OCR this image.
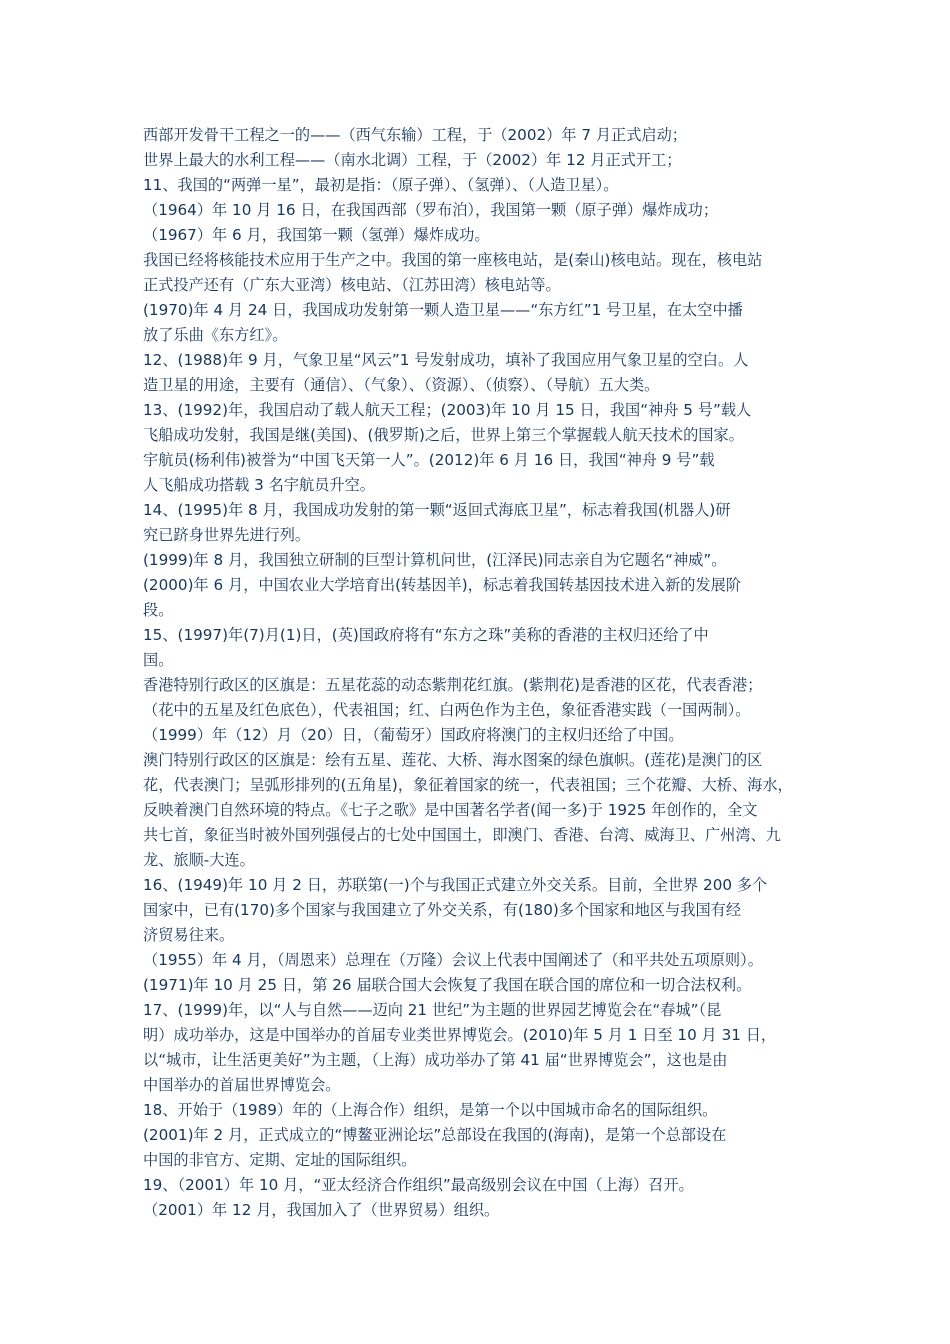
西部开发骨干工程之一的——（西气东输）工程，于（2002）年 7 月正式启动；
世界上最大的水利工程——（南水北调）工程，于（2002）年 12 月正式开工；
11、我国的“两弹一星”，最初是指：（原子弹）、（氢弹）、（人造卫星）。
（1964）年 10 月 16 日，在我国西部（罗布泊），我国第一颗（原子弹）爆炸成功；
（1967）年 6 月，我国第一颗（氢弹）爆炸成功。
我国已经将核能技术应用于生产之中。我国的第一座核电站，是(秦山)核电站。现在，核电站
正式投产还有（广东大亚湾）核电站、（江苏田湾）核电站等。
(1970)年 4 月 24 日，我国成功发射第一颗人造卫星——“东方红”1 号卫星，在太空中播
放了乐曲《东方红》。
12、(1988)年 9 月，气象卫星“风云”1 号发射成功，填补了我国应用气象卫星的空白。人
造卫星的用途，主要有（通信）、（气象）、（资源）、（侦察）、（导航）五大类。
13、(1992)年，我国启动了载人航天工程；(2003)年 10 月 15 日，我国“神舟 5 号”载人
飞船成功发射，我国是继(美国)、(俄罗斯)之后，世界上第三个掌握载人航天技术的国家。
宇航员(杨利伟)被誉为“中国飞天第一人”。(2012)年 6 月 16 日，我国“神舟 9 号”载
人飞船成功搭载 3 名宇航员升空。
14、(1995)年 8 月，我国成功发射的第一颗“返回式海底卫星”，标志着我国(机器人)研
究已跻身世界先进行列。
(1999)年 8 月，我国独立研制的巨型计算机问世，(江泽民)同志亲自为它题名“神威”。
(2000)年 6 月，中国农业大学培育出(转基因羊)，标志着我国转基因技术进入新的发展阶
段。
15、(1997)年(7)月(1)日，(英)国政府将有“东方之珠”美称的香港的主权归还给了中
国。
香港特别行政区的区旗是：五星花蕊的动态紫荆花红旗。(紫荆花)是香港的区花，代表香港；
（花中的五星及红色底色），代表祖国；红、白两色作为主色，象征香港实践（一国两制）。
（1999）年（12）月（20）日，（葡萄牙）国政府将澳门的主权归还给了中国。
澳门特别行政区的区旗是：绘有五星、莲花、大桥、海水图案的绿色旗帜。(莲花)是澳门的区
花，代表澳门；呈弧形排列的(五角星)，象征着国家的统一，代表祖国；三个花瓣、大桥、海水，
反映着澳门自然环境的特点。《七子之歌》是中国著名学者(闻一多)于 1925 年创作的，全文
共七首，象征当时被外国列强侵占的七处中国国土，即澳门、香港、台湾、威海卫、广州湾、九
龙、旅顺-大连。
16、(1949)年 10 月 2 日，苏联第(一)个与我国正式建立外交关系。目前，全世界 200 多个
国家中，已有(170)多个国家与我国建立了外交关系，有(180)多个国家和地区与我国有经
济贸易往来。
（1955）年 4 月，（周恩来）总理在（万隆）会议上代表中国阐述了（和平共处五项原则）。
(1971)年 10 月 25 日，第 26 届联合国大会恢复了我国在联合国的席位和一切合法权利。
17、(1999)年，以“人与自然——迈向 21 世纪”为主题的世界园艺博览会在“春城”（昆
明）成功举办，这是中国举办的首届专业类世界博览会。(2010)年 5 月 1 日至 10 月 31 日，
以“城市，让生活更美好”为主题，（上海）成功举办了第 41 届“世界博览会”，这也是由
中国举办的首届世界博览会。
18、开始于（1989）年的（上海合作）组织，是第一个以中国城市命名的国际组织。
(2001)年 2 月，正式成立的“博鳌亚洲论坛”总部设在我国的(海南)，是第一个总部设在
中国的非官方、定期、定址的国际组织。
19、（2001）年 10 月，“亚太经济合作组织”最高级别会议在中国（上海）召开。
（2001）年 12 月，我国加入了（世界贸易）组织。
